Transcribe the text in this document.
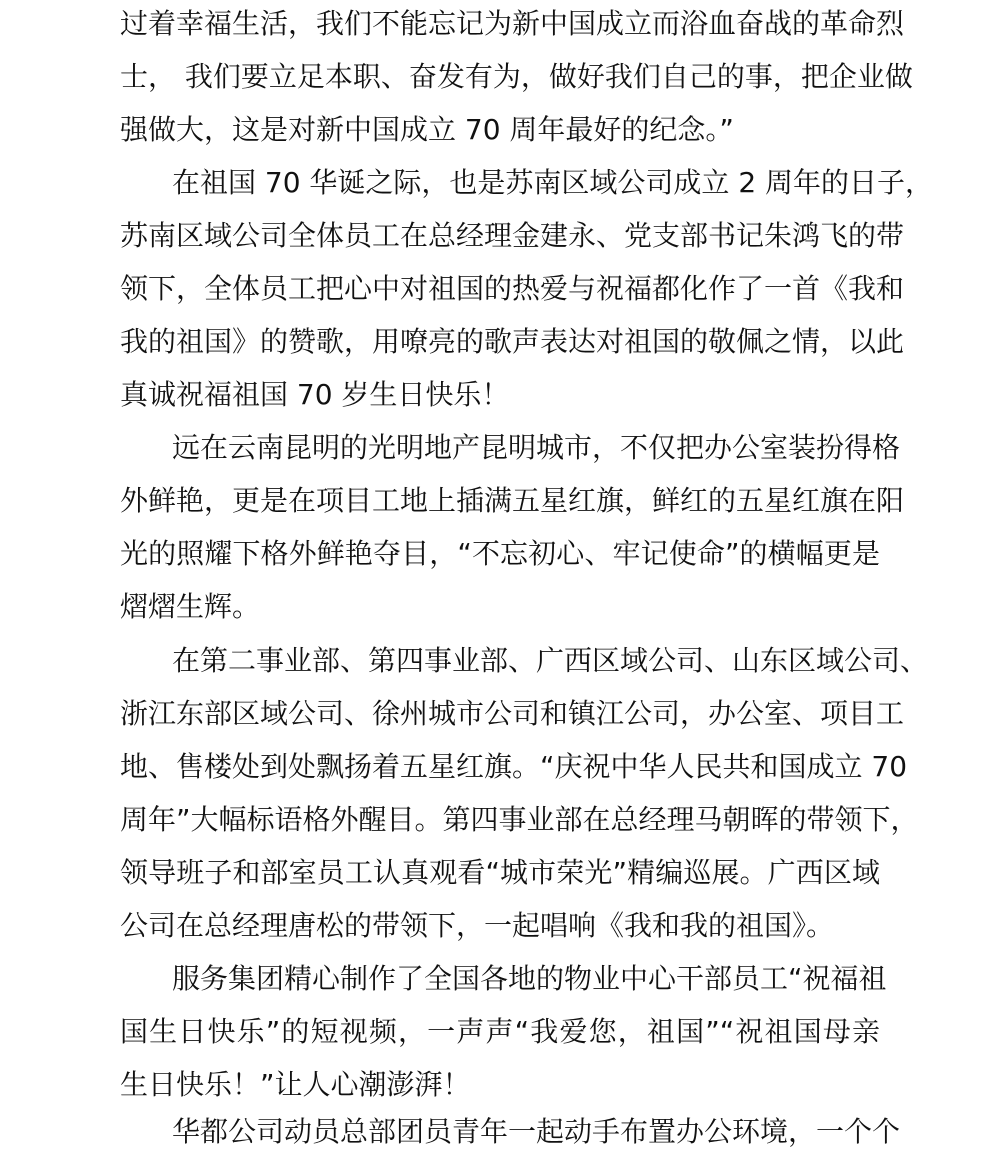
过着幸福生活，我们不能忘记为新中国成立而浴血奋战的革命烈
士， 我们要立足本职、奋发有为，做好我们自己的事，把企业做
强做大，这是对新中国成立 70 周年最好的纪念。”
在祖国 70 华诞之际，也是苏南区域公司成立 2 周年的日子，
苏南区域公司全体员工在总经理金建永、党支部书记朱鸿飞的带
领下，全体员工把心中对祖国的热爱与祝福都化作了一首《我和
我的祖国》的赞歌，用嘹亮的歌声表达对祖国的敬佩之情，以此
真诚祝福祖国 70 岁生日快乐！
远在云南昆明的光明地产昆明城市，不仅把办公室装扮得格
外鲜艳，更是在项目工地上插满五星红旗，鲜红的五星红旗在阳
光的照耀下格外鲜艳夺目，“不忘初心、牢记使命”的横幅更是
熠熠生辉。
在第二事业部、第四事业部、广西区域公司、山东区域公司、
浙江东部区域公司、徐州城市公司和镇江公司，办公室、项目工
地、售楼处到处飘扬着五星红旗。“庆祝中华人民共和国成立 70
周年”大幅标语格外醒目。第四事业部在总经理马朝晖的带领下，
领导班子和部室员工认真观看“城市荣光”精编巡展。广西区域
公司在总经理唐松的带领下，一起唱响《我和我的祖国》。
服务集团精心制作了全国各地的物业中心干部员工“祝福祖
国生日快乐”的短视频，一声声“我爱您，祖国”“祝祖国母亲
生日快乐！”让人心潮澎湃！
华都公司动员总部团员青年一起动手布置办公环境，一个个
